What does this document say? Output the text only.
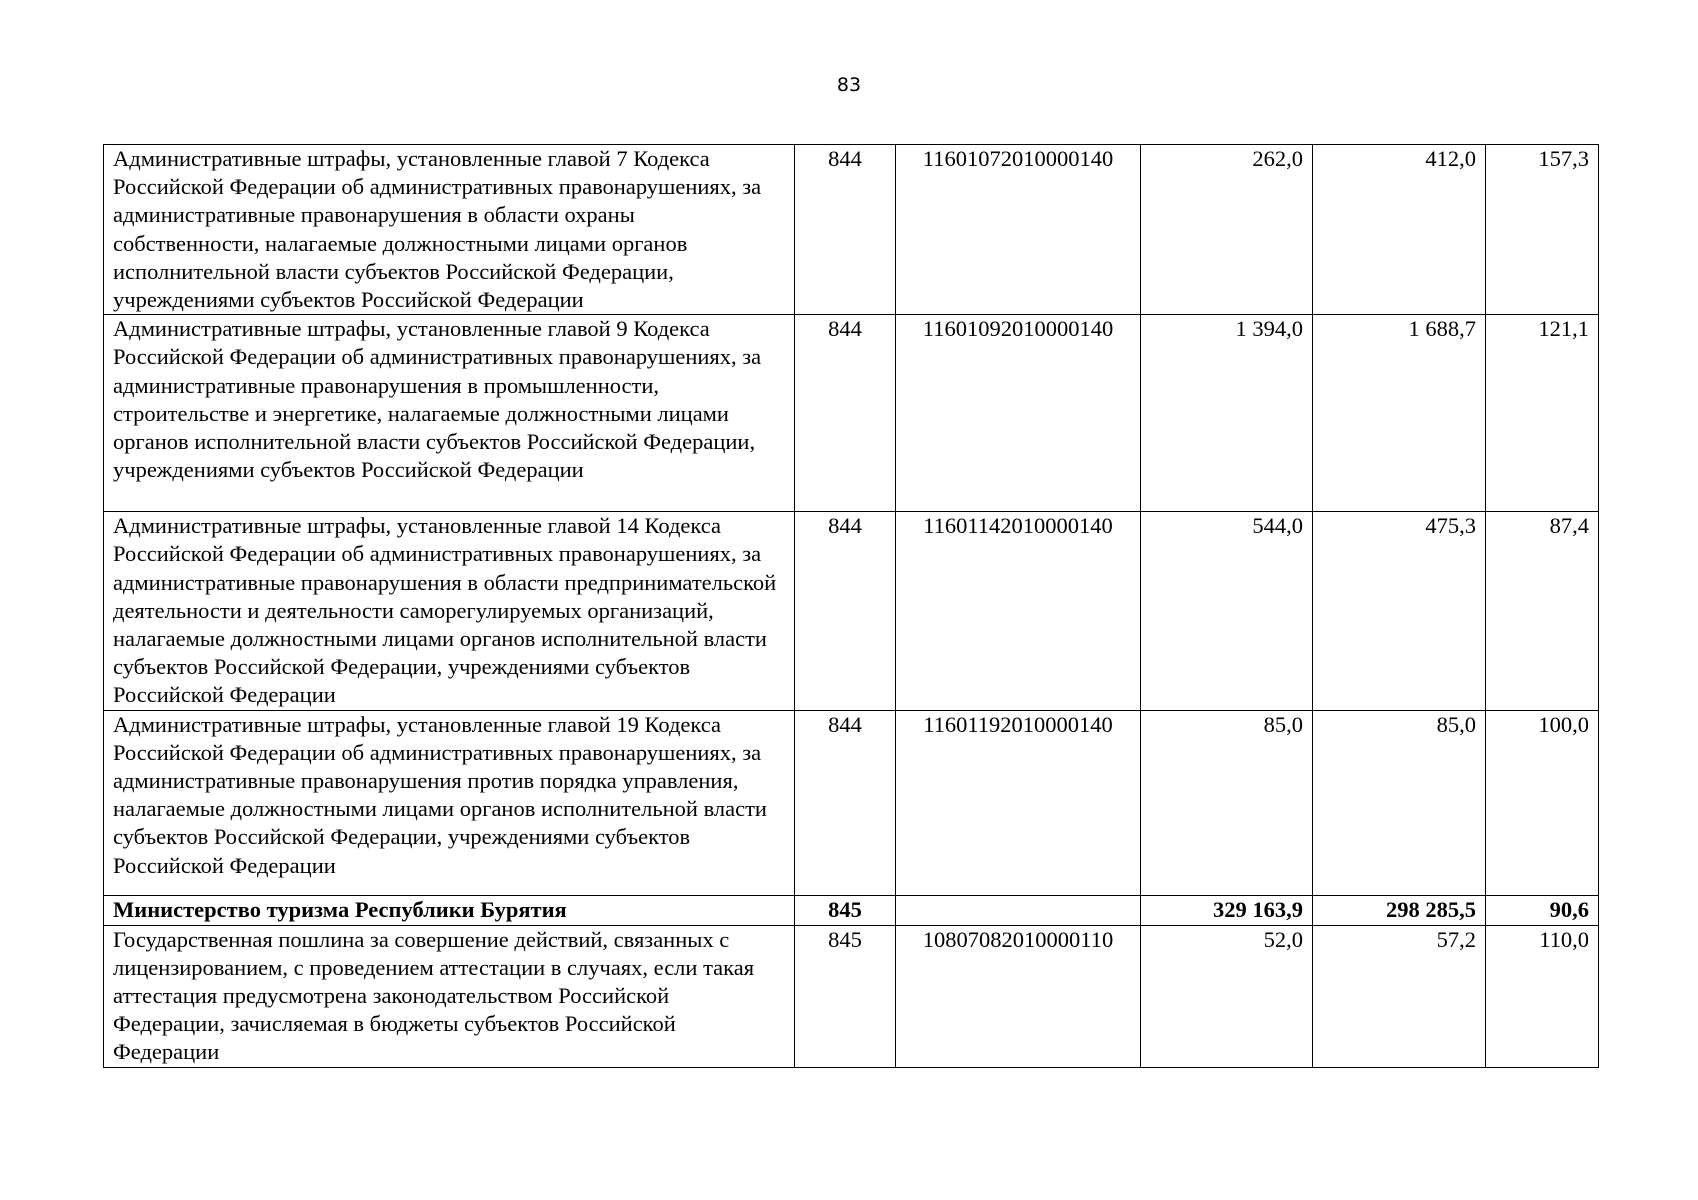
83
Административные штрафы, установленные главой 7 Кодекса Российской Федерации об административных правонарушениях, за административные правонарушения в области охраны собственности, налагаемые должностными лицами органов исполнительной власти субъектов Российской Федерации, учреждениями субъектов Российской Федерации	844	11601072010000140	262,0	412,0	157,3
Административные штрафы, установленные главой 9 Кодекса Российской Федерации об административных правонарушениях, за административные правонарушения в промышленности, строительстве и энергетике, налагаемые должностными лицами органов исполнительной власти субъектов Российской Федерации, учреждениями субъектов Российской Федерации	844	11601092010000140	1 394,0	1 688,7	121,1
Административные штрафы, установленные главой 14 Кодекса Российской Федерации об административных правонарушениях, за административные правонарушения в области предпринимательской деятельности и деятельности саморегулируемых организаций, налагаемые должностными лицами органов исполнительной власти субъектов Российской Федерации, учреждениями субъектов Российской Федерации	844	11601142010000140	544,0	475,3	87,4
Административные штрафы, установленные главой 19 Кодекса Российской Федерации об административных правонарушениях, за административные правонарушения против порядка управления, налагаемые должностными лицами органов исполнительной власти субъектов Российской Федерации, учреждениями субъектов Российской Федерации	844	11601192010000140	85,0	85,0	100,0
Министерство туризма Республики Бурятия	845		329 163,9	298 285,5	90,6
Государственная пошлина за совершение действий, связанных с лицензированием, с проведением аттестации в случаях, если такая аттестация предусмотрена законодательством Российской Федерации, зачисляемая в бюджеты субъектов Российской Федерации	845	10807082010000110	52,0	57,2	110,0
